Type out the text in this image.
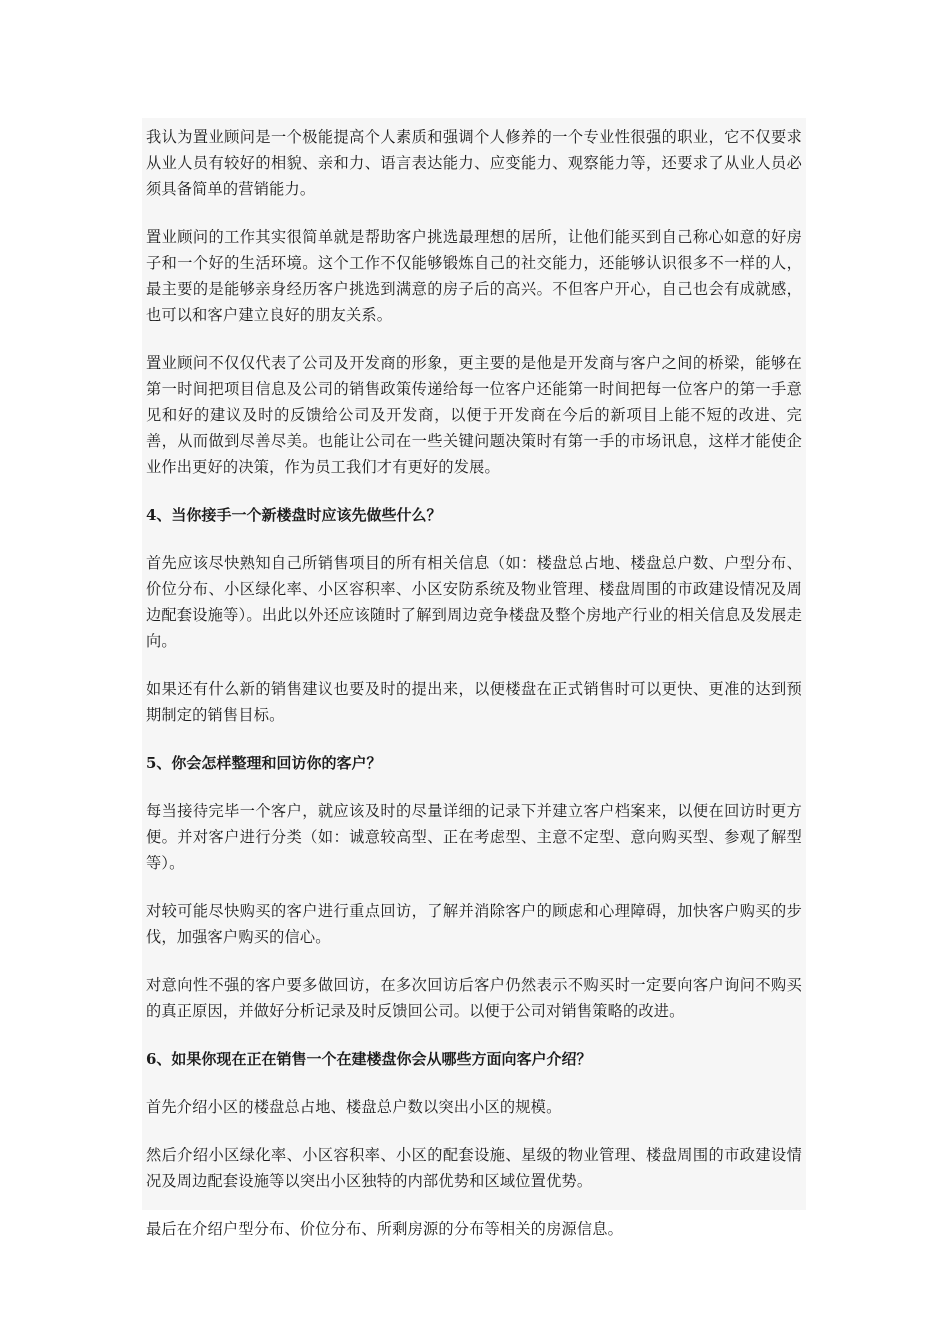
我认为置业顾问是一个极能提高个人素质和强调个人修养的一个专业性很强的职业，它不仅要求从业人员有较好的相貌、亲和力、语言表达能力、应变能力、观察能力等，还要求了从业人员必须具备简单的营销能力。

置业顾问的工作其实很简单就是帮助客户挑选最理想的居所，让他们能买到自己称心如意的好房子和一个好的生活环境。这个工作不仅能够锻炼自己的社交能力，还能够认识很多不一样的人，最主要的是能够亲身经历客户挑选到满意的房子后的高兴。不但客户开心，自己也会有成就感，也可以和客户建立良好的朋友关系。

置业顾问不仅仅代表了公司及开发商的形象，更主要的是他是开发商与客户之间的桥梁，能够在第一时间把项目信息及公司的销售政策传递给每一位客户还能第一时间把每一位客户的第一手意见和好的建议及时的反馈给公司及开发商，以便于开发商在今后的新项目上能不短的改进、完善，从而做到尽善尽美。也能让公司在一些关键问题决策时有第一手的市场讯息，这样才能使企业作出更好的决策，作为员工我们才有更好的发展。

4、当你接手一个新楼盘时应该先做些什么？

首先应该尽快熟知自己所销售项目的所有相关信息（如：楼盘总占地、楼盘总户数、户型分布、价位分布、小区绿化率、小区容积率、小区安防系统及物业管理、楼盘周围的市政建设情况及周边配套设施等）。出此以外还应该随时了解到周边竞争楼盘及整个房地产行业的相关信息及发展走向。

如果还有什么新的销售建议也要及时的提出来，以便楼盘在正式销售时可以更快、更准的达到预期制定的销售目标。

5、你会怎样整理和回访你的客户？

每当接待完毕一个客户，就应该及时的尽量详细的记录下并建立客户档案来，以便在回访时更方便。并对客户进行分类（如：诚意较高型、正在考虑型、主意不定型、意向购买型、参观了解型等）。

对较可能尽快购买的客户进行重点回访，了解并消除客户的顾虑和心理障碍，加快客户购买的步伐，加强客户购买的信心。

对意向性不强的客户要多做回访，在多次回访后客户仍然表示不购买时一定要向客户询问不购买的真正原因，并做好分析记录及时反馈回公司。以便于公司对销售策略的改进。

6、如果你现在正在销售一个在建楼盘你会从哪些方面向客户介绍？

首先介绍小区的楼盘总占地、楼盘总户数以突出小区的规模。

然后介绍小区绿化率、小区容积率、小区的配套设施、星级的物业管理、楼盘周围的市政建设情况及周边配套设施等以突出小区独特的内部优势和区域位置优势。

最后在介绍户型分布、价位分布、所剩房源的分布等相关的房源信息。
